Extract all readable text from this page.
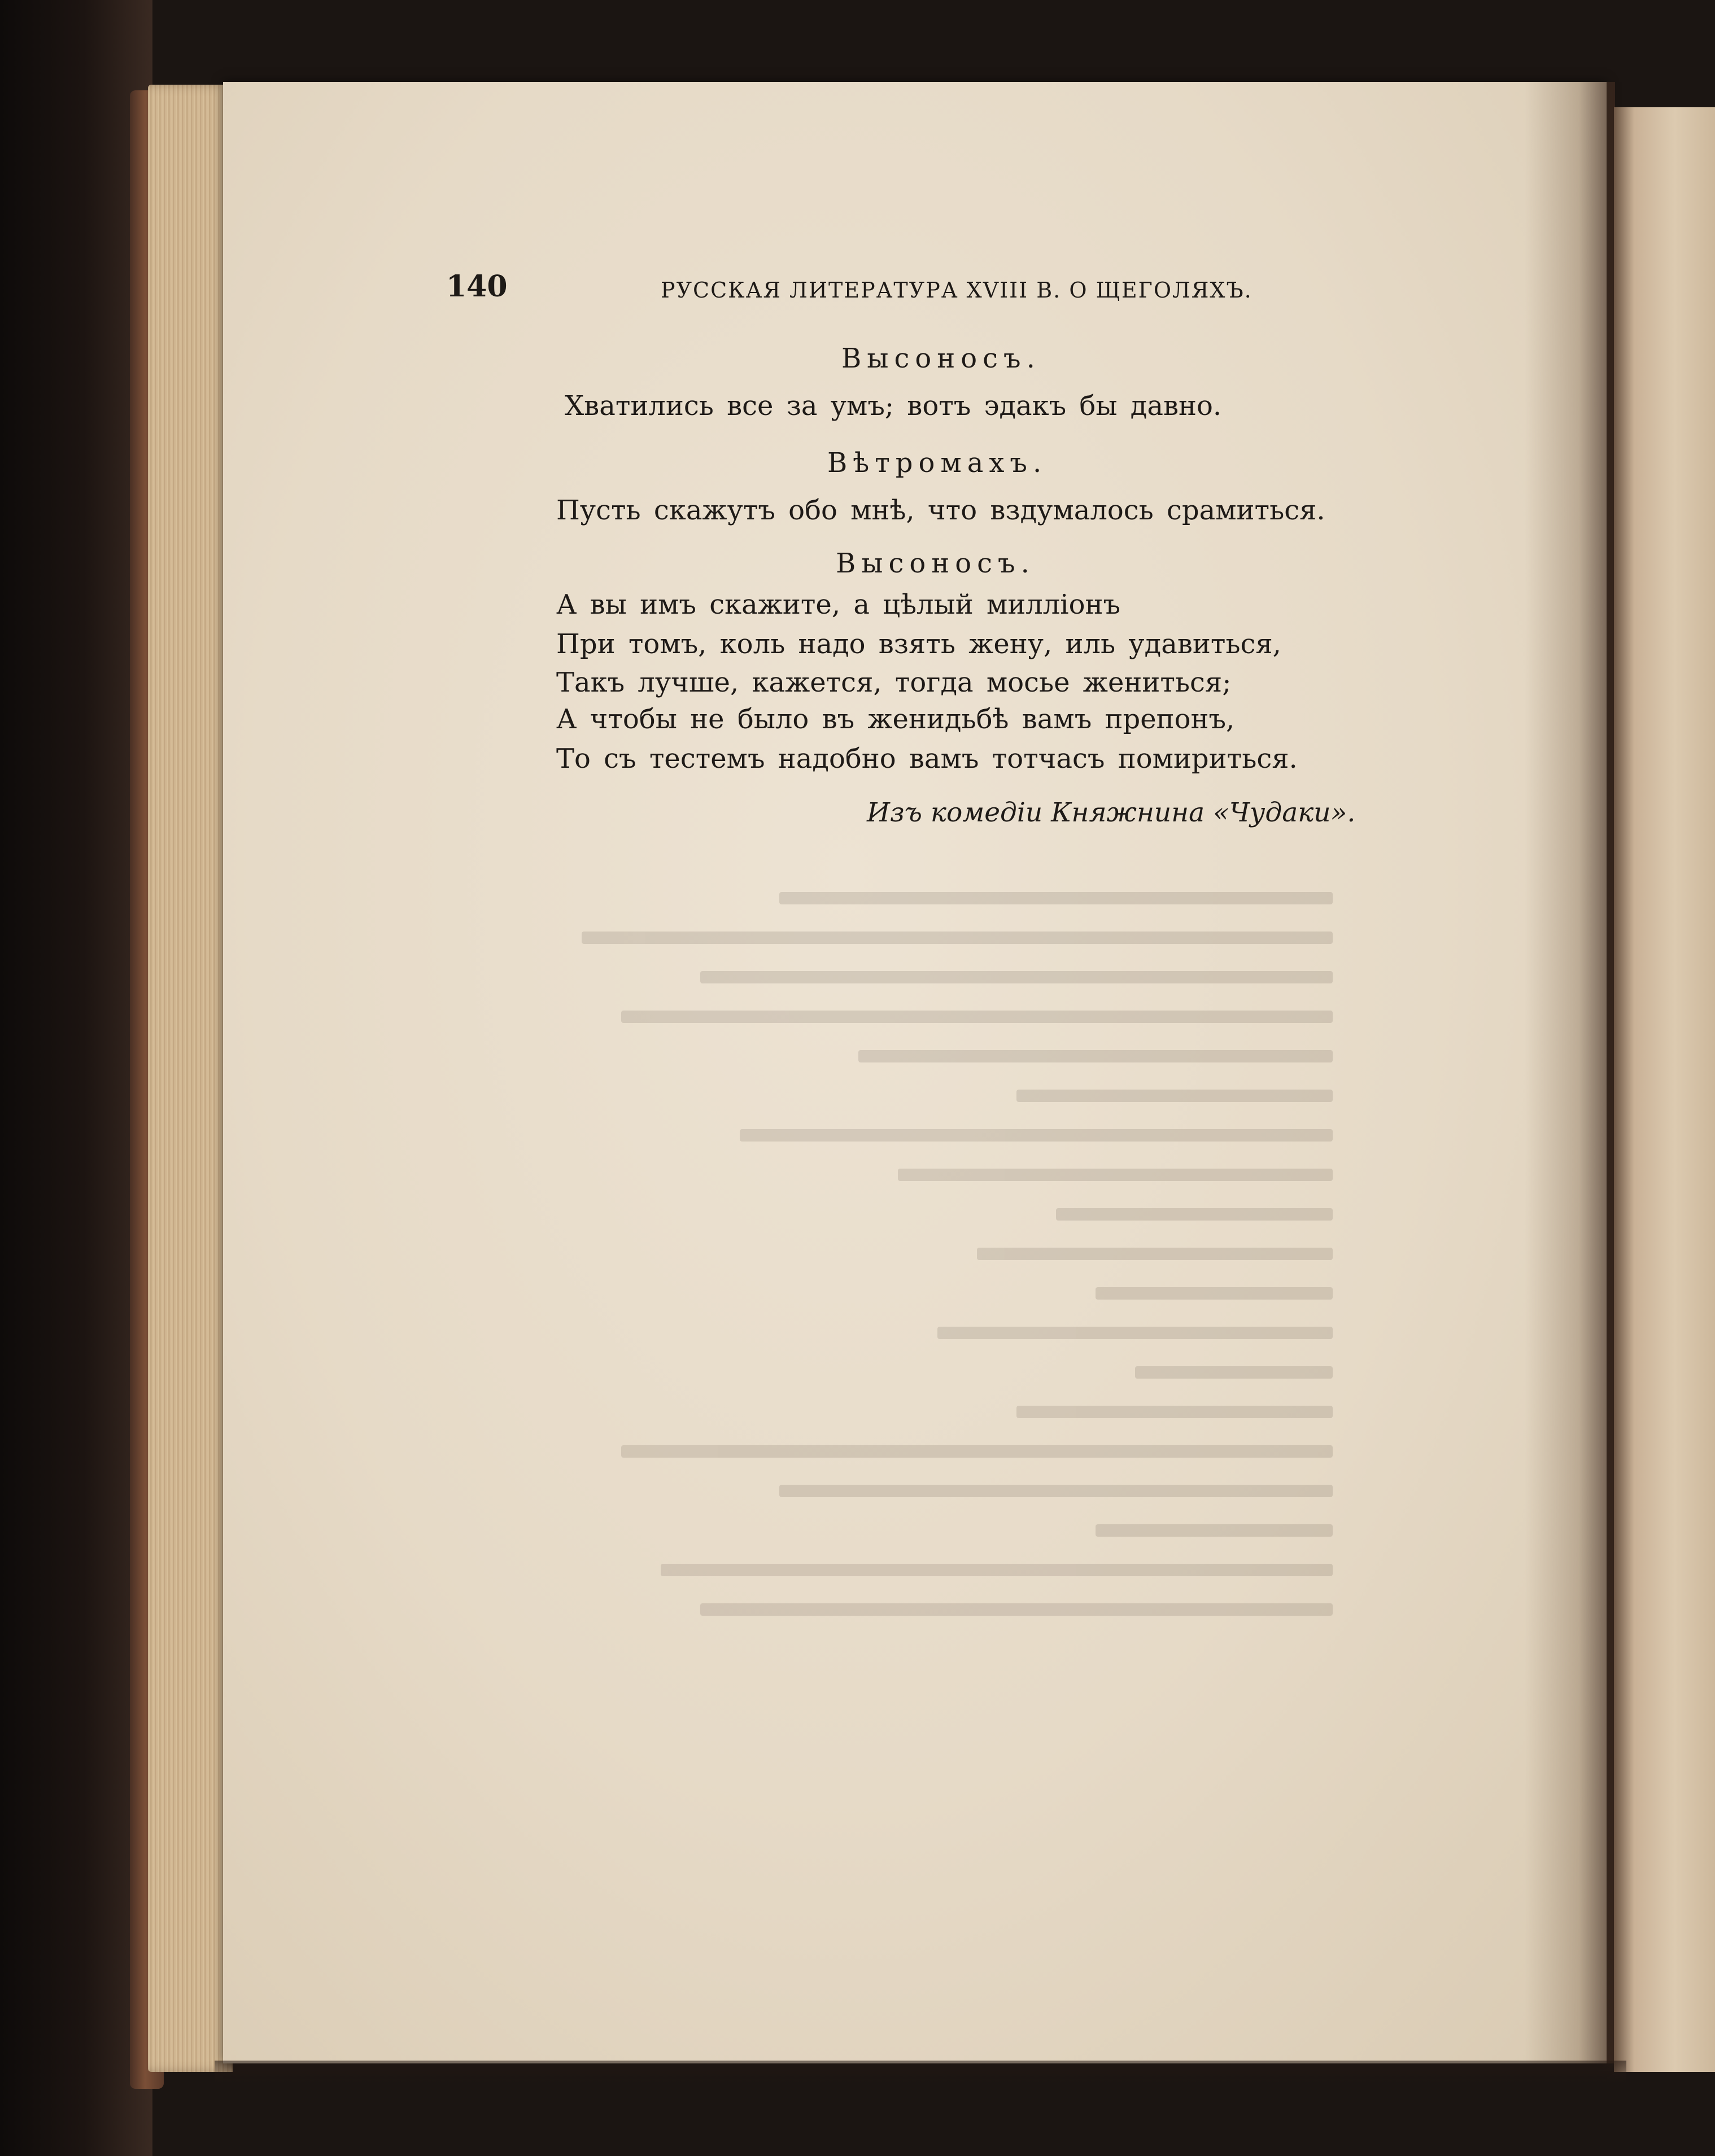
140	РУССКАЯ ЛИТЕРАТУРА XVIII В. О ЩЕГОЛЯХЪ.
Высоносъ.
Хватились все за умъ; вотъ эдакъ бы давно.
Вѣтромахъ.
Пусть скажутъ обо мнѣ, что вздумалось срамиться.
Высоносъ.
А вы имъ скажите, а цѣлый милліонъ
При томъ, коль надо взять жену, иль удавиться,
Такъ лучше, кажется, тогда мосье жениться;
А чтобы не было въ женидьбѣ вамъ препонъ,
То съ тестемъ надобно вамъ тотчасъ помириться.
Изъ комедіи Княжнина «Чудаки».
